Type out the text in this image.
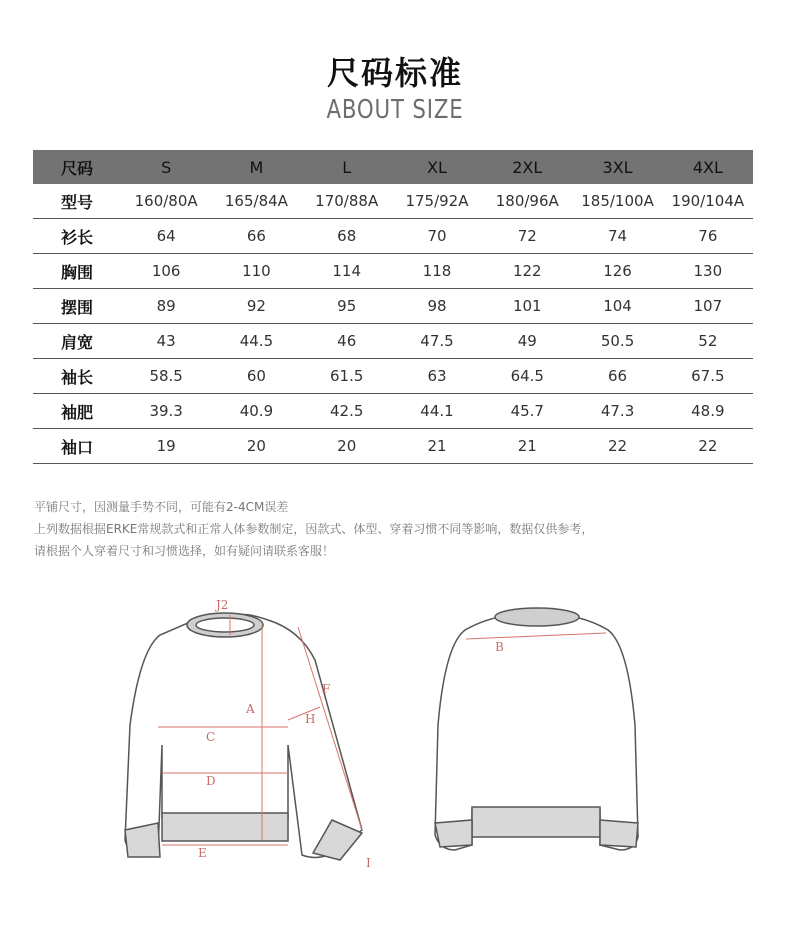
尺码标准
ABOUT SIZE
尺码	S	M	L	XL	2XL	3XL	4XL
型号	160/80A	165/84A	170/88A	175/92A	180/96A	185/100A	190/104A
衫长	64	66	68	70	72	74	76
胸围	106	110	114	118	122	126	130
摆围	89	92	95	98	101	104	107
肩宽	43	44.5	46	47.5	49	50.5	52
袖长	58.5	60	61.5	63	64.5	66	67.5
袖肥	39.3	40.9	42.5	44.1	45.7	47.3	48.9
袖口	19	20	20	21	21	22	22
平铺尺寸，因测量手势不同，可能有2-4CM误差
上列数据根据ERKE常规款式和正常人体参数制定，因款式、体型、穿着习惯不同等影响，数据仅供参考，
请根据个人穿着尺寸和习惯选择，如有疑问请联系客服！
J2
A
C
D
E
F
H
I
B
